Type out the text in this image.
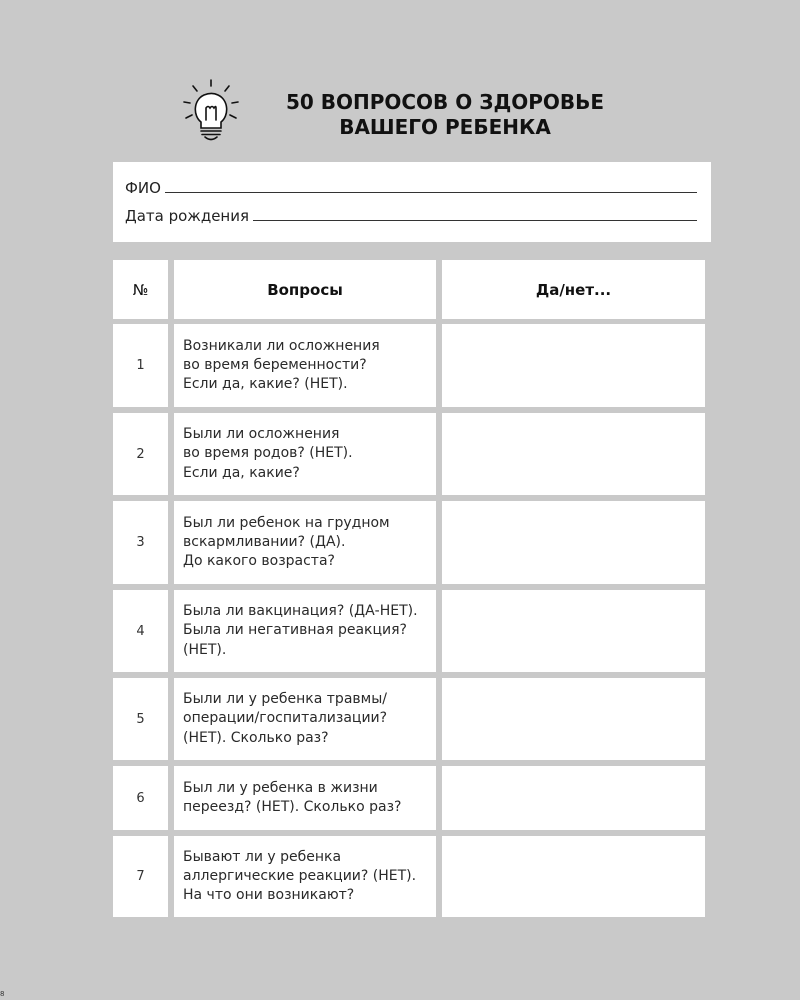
50 ВОПРОСОВ О ЗДОРОВЬЕ
ВАШЕГО РЕБЕНКА
ФИО
Дата рождения
№	Вопросы	Да/нет...
1
Возникали ли осложнения
во время беременности?
Если да, какие? (НЕТ).
2
Были ли осложнения
во время родов? (НЕТ).
Если да, какие?
3
Был ли ребенок на грудном
вскармливании? (ДА).
До какого возраста?
4
Была ли вакцинация? (ДА-НЕТ).
Была ли негативная реакция?
(НЕТ).
5
Были ли у ребенка травмы/
операции/госпитализации?
(НЕТ). Сколько раз?
6
Был ли у ребенка в жизни
переезд? (НЕТ). Сколько раз?
7
Бывают ли у ребенка
аллергические реакции? (НЕТ).
На что они возникают?
8
